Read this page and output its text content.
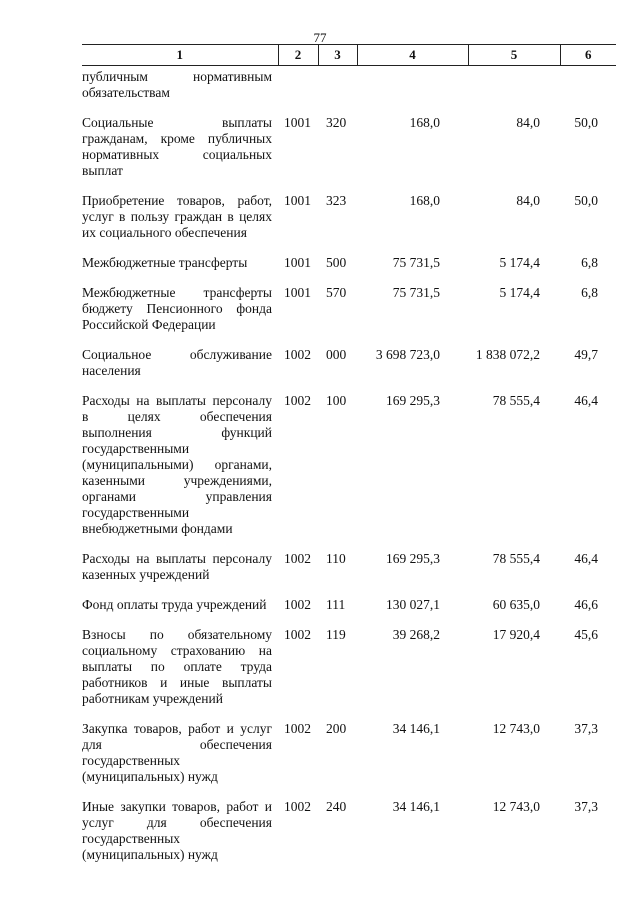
77
1	2	3	4	5	6
публичным нормативным обязательствам					
Социальные выплаты гражданам, кроме публичных нормативных социальных выплат	1001	320	168,0	84,0	50,0
Приобретение товаров, работ, услуг в пользу граждан в целях их социального обеспечения	1001	323	168,0	84,0	50,0
Межбюджетные трансферты	1001	500	75 731,5	5 174,4	6,8
Межбюджетные трансферты бюджету Пенсионного фонда Российской Федерации	1001	570	75 731,5	5 174,4	6,8
Социальное обслуживание населения	1002	000	3 698 723,0	1 838 072,2	49,7
Расходы на выплаты персоналу в целях обеспечения выполнения функций государственными (муниципальными) органами, казенными учреждениями, органами управления государственными внебюджетными фондами	1002	100	169 295,3	78 555,4	46,4
Расходы на выплаты персоналу казенных учреждений	1002	110	169 295,3	78 555,4	46,4
Фонд оплаты труда учреждений	1002	111	130 027,1	60 635,0	46,6
Взносы по обязательному социальному страхованию на выплаты по оплате труда работников и иные выплаты работникам учреждений	1002	119	39 268,2	17 920,4	45,6
Закупка товаров, работ и услуг для обеспечения государственных (муниципальных) нужд	1002	200	34 146,1	12 743,0	37,3
Иные закупки товаров, работ и услуг для обеспечения государственных (муниципальных) нужд	1002	240	34 146,1	12 743,0	37,3
